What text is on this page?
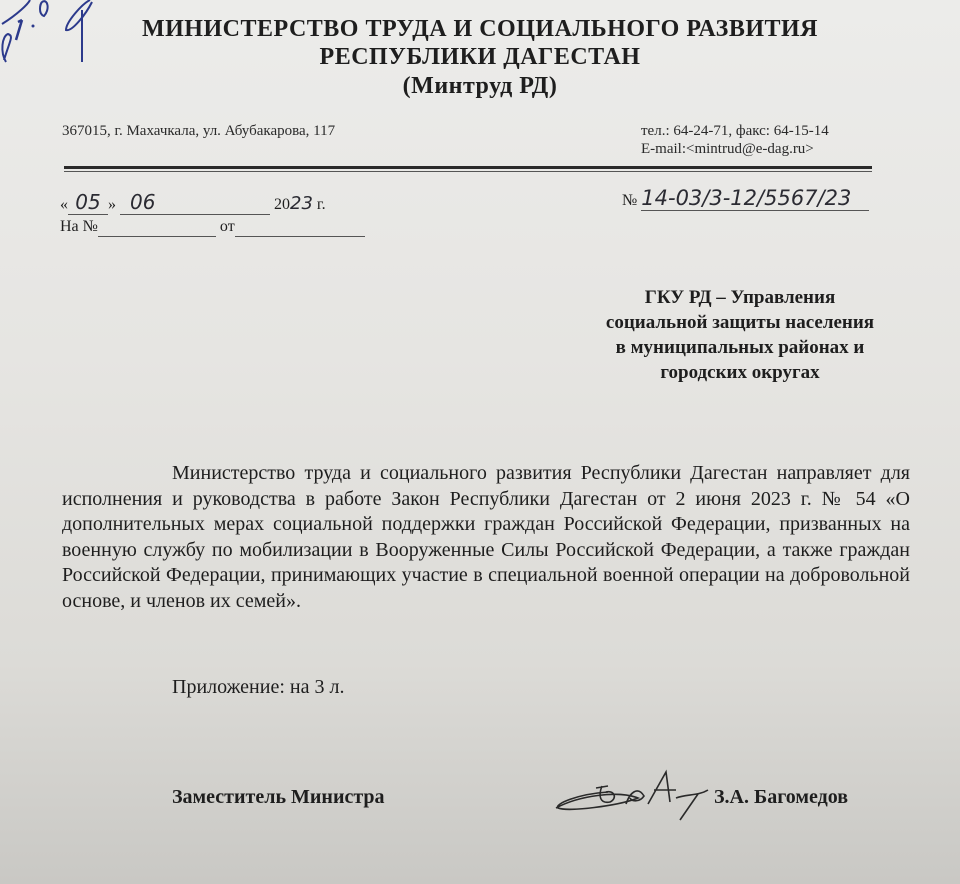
МИНИСТЕРСТВО ТРУДА И СОЦИАЛЬНОГО РАЗВИТИЯ
РЕСПУБЛИКИ ДАГЕСТАН
(Минтруд РД)
367015, г. Махачкала, ул. Абубакарова, 117	тел.: 64-24-71, факс: 64-15-14
E-mail:<mintrud@e-dag.ru>
« 05 » 06	2023 г.
На №	от
№ 14-03/3-12/5567/23
ГКУ РД – Управления
социальной защиты населения
в муниципальных районах и
городских округах
Министерство труда и социального развития Республики Дагестан направляет для исполнения и руководства в работе Закон Республики Дагестан от 2 июня 2023 г. № 54 «О дополнительных мерах социальной поддержки граждан Российской Федерации, призванных на военную службу по мобилизации в Вооруженные Силы Российской Федерации, а также граждан Российской Федерации, принимающих участие в специальной военной операции на добровольной основе, и членов их семей».
Приложение: на 3 л.
Заместитель Министра	З.А. Багомедов
